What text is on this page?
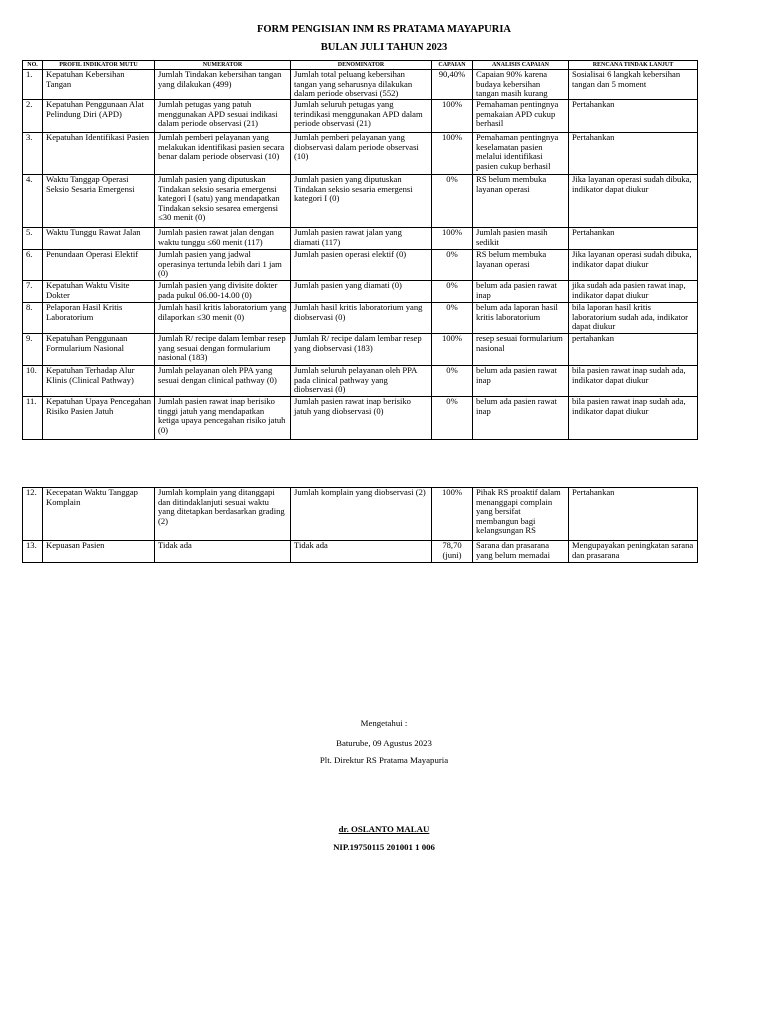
FORM PENGISIAN INM RS PRATAMA MAYAPURIA
BULAN JULI TAHUN 2023
NO.	PROFIL INDIKATOR MUTU	NUMERATOR	DENOMINATOR	CAPAIAN	ANALISIS CAPAIAN	RENCANA TINDAK LANJUT
1.	Kepatuhan Kebersihan Tangan	Jumlah Tindakan kebersihan tangan yang dilakukan (499)	Jumlah total peluang kebersihan tangan yang seharusnya dilakukan dalam periode observasi (552)	90,40%	Capaian 90% karena budaya kebersihan tangan masih kurang	Sosialisai 6 langkah kebersihan tangan dan 5 moment
2.	Kepatuhan Penggunaan Alat Pelindung Diri (APD)	Jumlah petugas yang patuh menggunakan APD sesuai indikasi dalam periode observasi (21)	Jumlah seluruh petugas yang terindikasi menggunakan APD dalam periode observasi (21)	100%	Pemahaman pentingnya pemakaian APD cukup berhasil	Pertahankan
3.	Kepatuhan Identifikasi Pasien	Jumlah pemberi pelayanan yang melakukan identifikasi pasien secara benar dalam periode observasi (10)	Jumlah pemberi pelayanan yang diobservasi dalam periode observasi (10)	100%	Pemahaman pentingnya keselamatan pasien melalui identifikasi pasien cukup berhasil	Pertahankan
4.	Waktu Tanggap Operasi Seksio Sesaria Emergensi	Jumlah pasien yang diputuskan Tindakan seksio sesaria emergensi kategori I (satu) yang mendapatkan Tindakan seksio sesarea emergensi ≤30 menit (0)	Jumlah pasien yang diputuskan Tindakan seksio sesaria emergensi kategori I (0)	0%	RS belum membuka layanan operasi	Jika layanan operasi sudah dibuka, indikator dapat diukur
5.	Waktu Tunggu Rawat Jalan	Jumlah pasien rawat jalan dengan waktu tunggu ≤60 menit (117)	Jumlah pasien rawat jalan yang diamati (117)	100%	Jumlah pasien masih sedikit	Pertahankan
6.	Penundaan Operasi Elektif	Jumlah pasien yang jadwal operasinya tertunda lebih dari 1 jam (0)	Jumlah pasien operasi elektif (0)	0%	RS belum membuka layanan operasi	Jika layanan operasi sudah dibuka, indikator dapat diukur
7.	Kepatuhan Waktu Visite Dokter	Jumlah pasien yang divisite dokter pada pukul 06.00-14.00 (0)	Jumlah pasien yang diamati (0)	0%	belum ada pasien rawat inap	jika sudah ada pasien rawat inap, indikator dapat diukur
8.	Pelaporan Hasil Kritis Laboratorium	Jumlah hasil kritis laboratorium yang dilaporkan ≤30 menit (0)	Jumlah hasil kritis laboratorium yang diobservasi (0)	0%	belum ada laporan hasil kritis laboratorium	bila laporan hasil kritis laboratorium sudah ada, indikator dapat diukur
9.	Kepatuhan Penggunaan Formularium Nasional	Jumlah R/ recipe dalam lembar resep yang sesuai dengan formularium nasional (183)	Jumlah R/ recipe dalam lembar resep yang diobservasi (183)	100%	resep sesuai formularium nasional	pertahankan
10.	Kepatuhan Terhadap Alur Klinis (Clinical Pathway)	Jumlah pelayanan oleh PPA yang sesuai dengan clinical pathway (0)	Jumlah seluruh pelayanan oleh PPA pada clinical pathway yang diobservasi (0)	0%	belum ada pasien rawat inap	bila pasien rawat inap sudah ada, indikator dapat diukur
11.	Kepatuhan Upaya Pencegahan Risiko Pasien Jatuh	Jumlah pasien rawat inap berisiko tinggi jatuh yang mendapatkan ketiga upaya pencegahan risiko jatuh (0)	Jumlah pasien rawat inap berisiko jatuh yang diobservasi (0)	0%	belum ada pasien rawat inap	bila pasien rawat inap sudah ada, indikator dapat diukur
12.	Kecepatan Waktu Tanggap Komplain	Jumlah komplain yang ditanggapi dan ditindaklanjuti sesuai waktu yang ditetapkan berdasarkan grading (2)	Jumlah komplain yang diobservasi (2)	100%	Pihak RS proaktif dalam menanggapi complain yang bersifat membangun bagi kelangsungan RS	Pertahankan
13.	Kepuasan Pasien	Tidak ada	Tidak ada	78,70 (juni)	Sarana dan prasarana yang belum memadai	Mengupayakan peningkatan sarana dan prasarana
Mengetahui :
Baturube, 09 Agustus 2023
Plt. Direktur RS Pratama Mayapuria
dr. OSLANTO MALAU
NIP.19750115 201001 1 006
